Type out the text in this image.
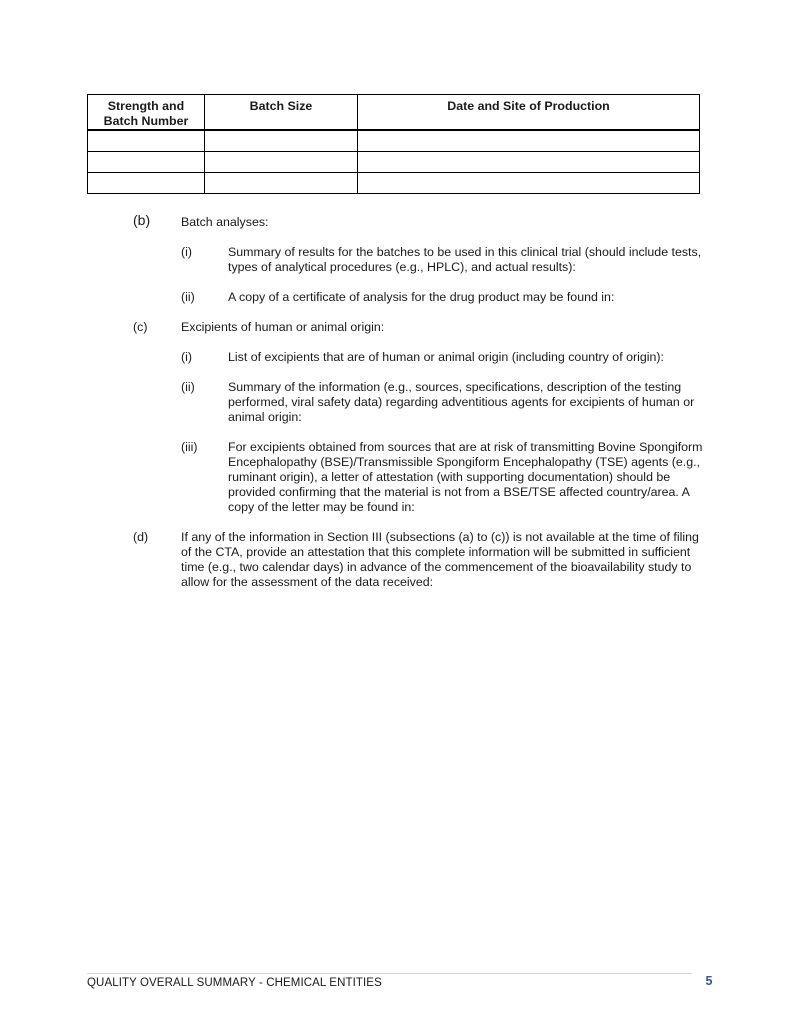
Strength and Batch Number	Batch Size	Date and Site of Production

(b) Batch analyses:
(i)	Summary of results for the batches to be used in this clinical trial (should include tests, types of analytical procedures (e.g., HPLC), and actual results):
(ii)	A copy of a certificate of analysis for the drug product may be found in:
(c)	Excipients of human or animal origin:
(i)	List of excipients that are of human or animal origin (including country of origin):
(ii)	Summary of the information (e.g., sources, specifications, description of the testing performed, viral safety data) regarding adventitious agents for excipients of human or animal origin:
(iii) For excipients obtained from sources that are at risk of transmitting Bovine Spongiform Encephalopathy (BSE)/Transmissible Spongiform Encephalopathy (TSE) agents (e.g., ruminant origin), a letter of attestation (with supporting documentation) should be provided confirming that the material is not from a BSE/TSE affected country/area. A copy of the letter may be found in:
(d)	If any of the information in Section III (subsections (a) to (c)) is not available at the time of filing of the CTA, provide an attestation that this complete information will be submitted in sufficient time (e.g., two calendar days) in advance of the commencement of the bioavailability study to allow for the assessment of the data received:
QUALITY OVERALL SUMMARY - CHEMICAL ENTITIES	5
